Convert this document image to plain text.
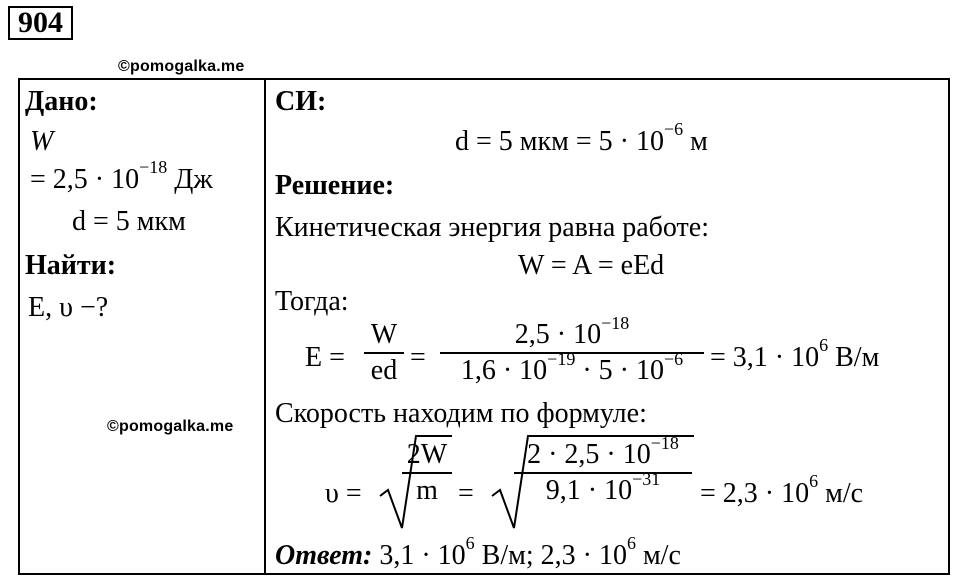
904
©pomogalka.me
©pomogalka.me
Дано:
W
= $2,5 \cdot 10^{-18}$ Дж
d = 5 мкм
Найти:
E, υ −?
СИ:
d = 5 мкм = $5 \cdot 10^{-6}$ м
Решение:
Кинетическая энергия равна работе:
W = A = eEd
Тогда:
E =
W
ed =
$2,5 \cdot 10^{-18}$
$1,6 \cdot 10^{-19} \cdot 5 \cdot 10^{-6} = 3,1 \cdot 10^6$ В/м
Скорость находим по формуле:
υ =
2W
m =
$2 \cdot 2,5 \cdot 10^{-18}$
$9,1 \cdot 10^{-31}$	= $2,3 \cdot 10^6$ м/с
Ответ: $3,1 \cdot 10^6$ В/м; $2,3 \cdot 10^6$ м/с
